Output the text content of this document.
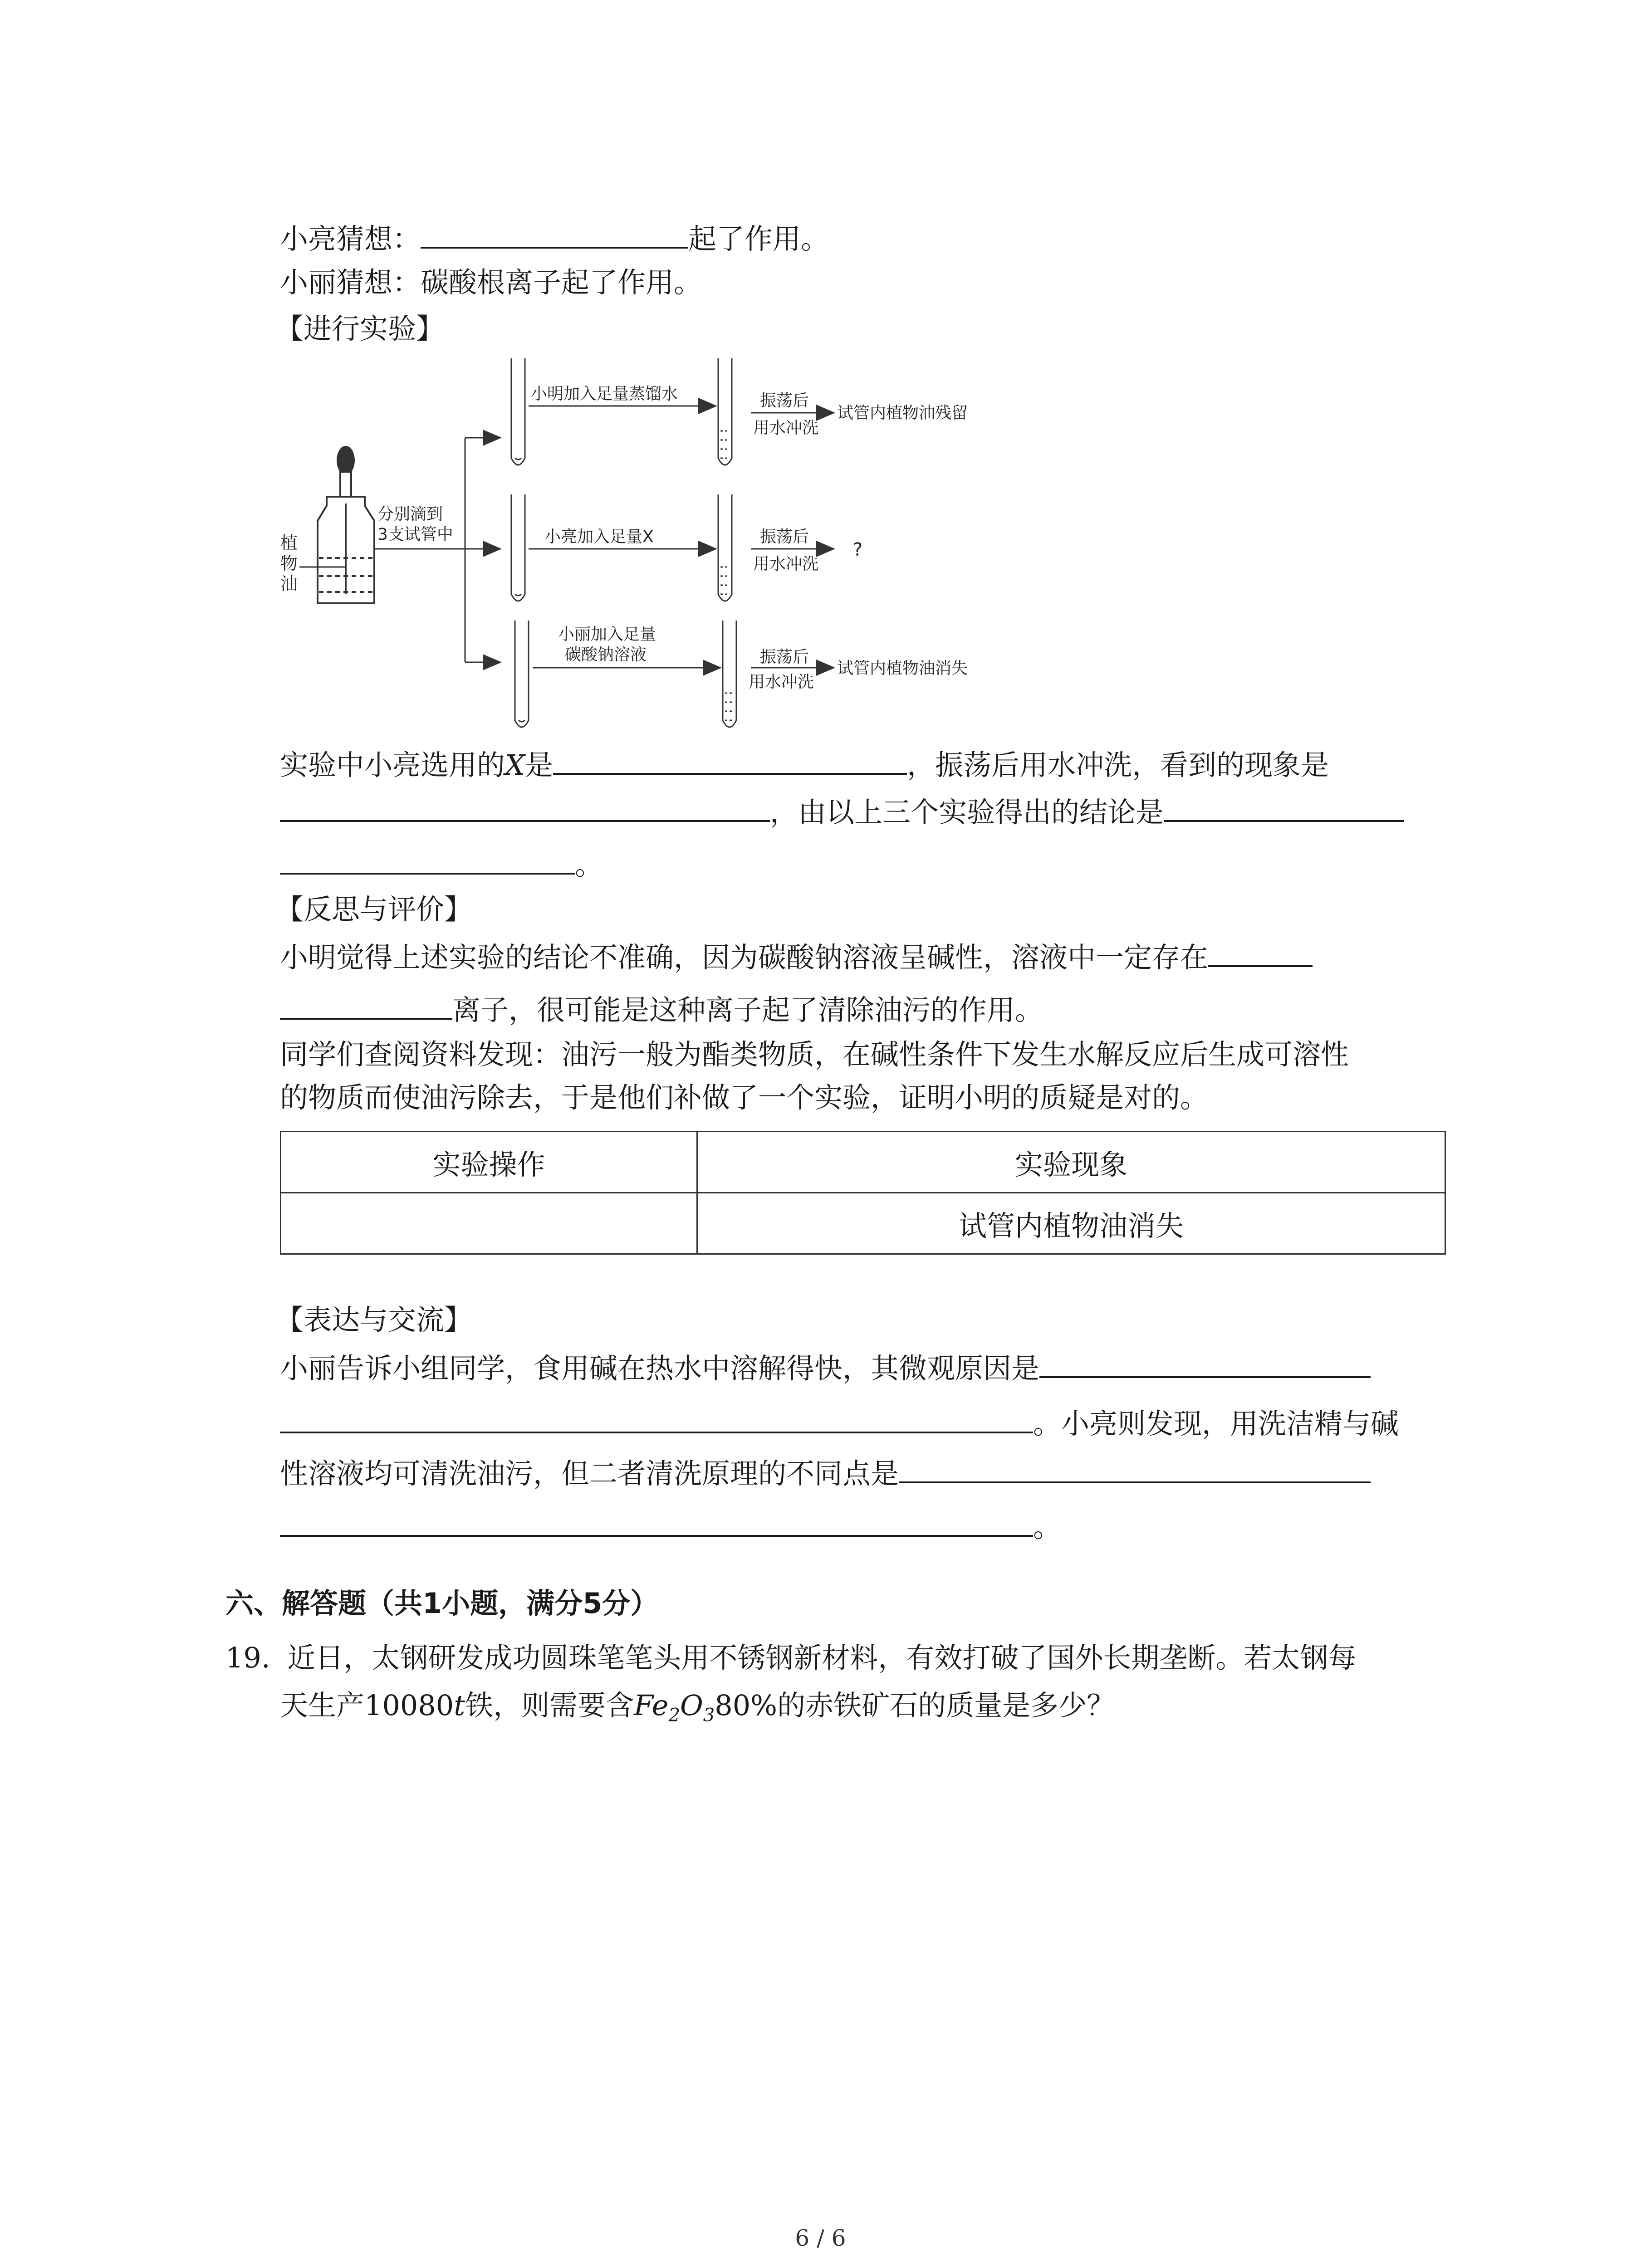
小亮猜想：	起了作用。
小丽猜想：碳酸根离子起了作用。
【进行实验】
植
物
油
分别滴到
3支试管中
小明加入足量蒸馏水
小亮加入足量X
小丽加入足量
碳酸钠溶液
振荡后
用水冲洗
试管内植物油残留
振荡后
用水冲洗
?
振荡后
用水冲洗
试管内植物油消失
实验中小亮选用的X是	，振荡后用水冲洗，看到的现象是
，由以上三个实验得出的结论是
。
【反思与评价】
小明觉得上述实验的结论不准确，因为碳酸钠溶液呈碱性，溶液中一定存在
离子，很可能是这种离子起了清除油污的作用。
同学们查阅资料发现：油污一般为酯类物质，在碱性条件下发生水解反应后生成可溶性
的物质而使油污除去，于是他们补做了一个实验，证明小明的质疑是对的。
实验操作	实验现象
	试管内植物油消失
【表达与交流】
小丽告诉小组同学，食用碱在热水中溶解得快，其微观原因是
。小亮则发现，用洗洁精与碱
性溶液均可清洗油污，但二者清洗原理的不同点是
。
六、解答题（共1小题，满分5分）
19. 近日，太钢研发成功圆珠笔笔头用不锈钢新材料，有效打破了国外长期垄断。若太钢每
天生产10080t铁，则需要含$Fe_2O_380\%$的赤铁矿石的质量是多少？
6 / 6
